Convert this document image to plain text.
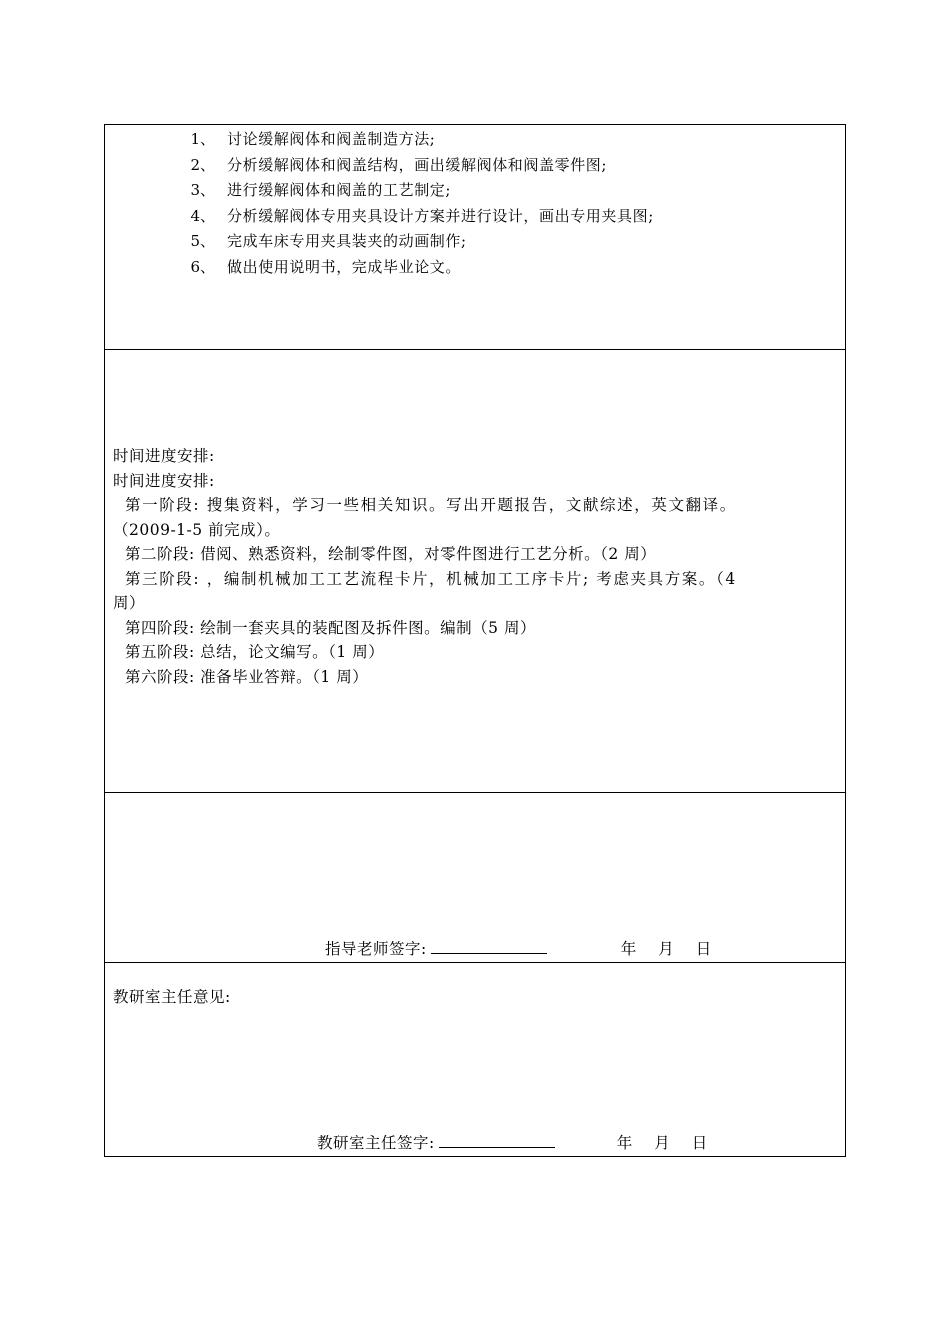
1、 讨论缓解阀体和阀盖制造方法;
2、 分析缓解阀体和阀盖结构，画出缓解阀体和阀盖零件图;
3、 进行缓解阀体和阀盖的工艺制定;
4、 分析缓解阀体专用夹具设计方案并进行设计，画出专用夹具图;
5、 完成车床专用夹具装夹的动画制作;
6、 做出使用说明书，完成毕业论文。
时间进度安排:
时间进度安排:
第一阶段: 搜集资料，学习一些相关知识。写出开题报告，文献综述，英文翻译。
（2009-1-5 前完成）。
第二阶段: 借阅、熟悉资料，绘制零件图，对零件图进行工艺分析。（2 周）
第三阶段: ，编制机械加工工艺流程卡片，机械加工工序卡片; 考虑夹具方案。（4
周）
第四阶段: 绘制一套夹具的装配图及拆件图。编制（5 周）
第五阶段: 总结，论文编写。（1 周）
第六阶段: 准备毕业答辩。（1 周）
指导老师签字:	年 月 日
教研室主任意见:
教研室主任签字:	年 月 日
